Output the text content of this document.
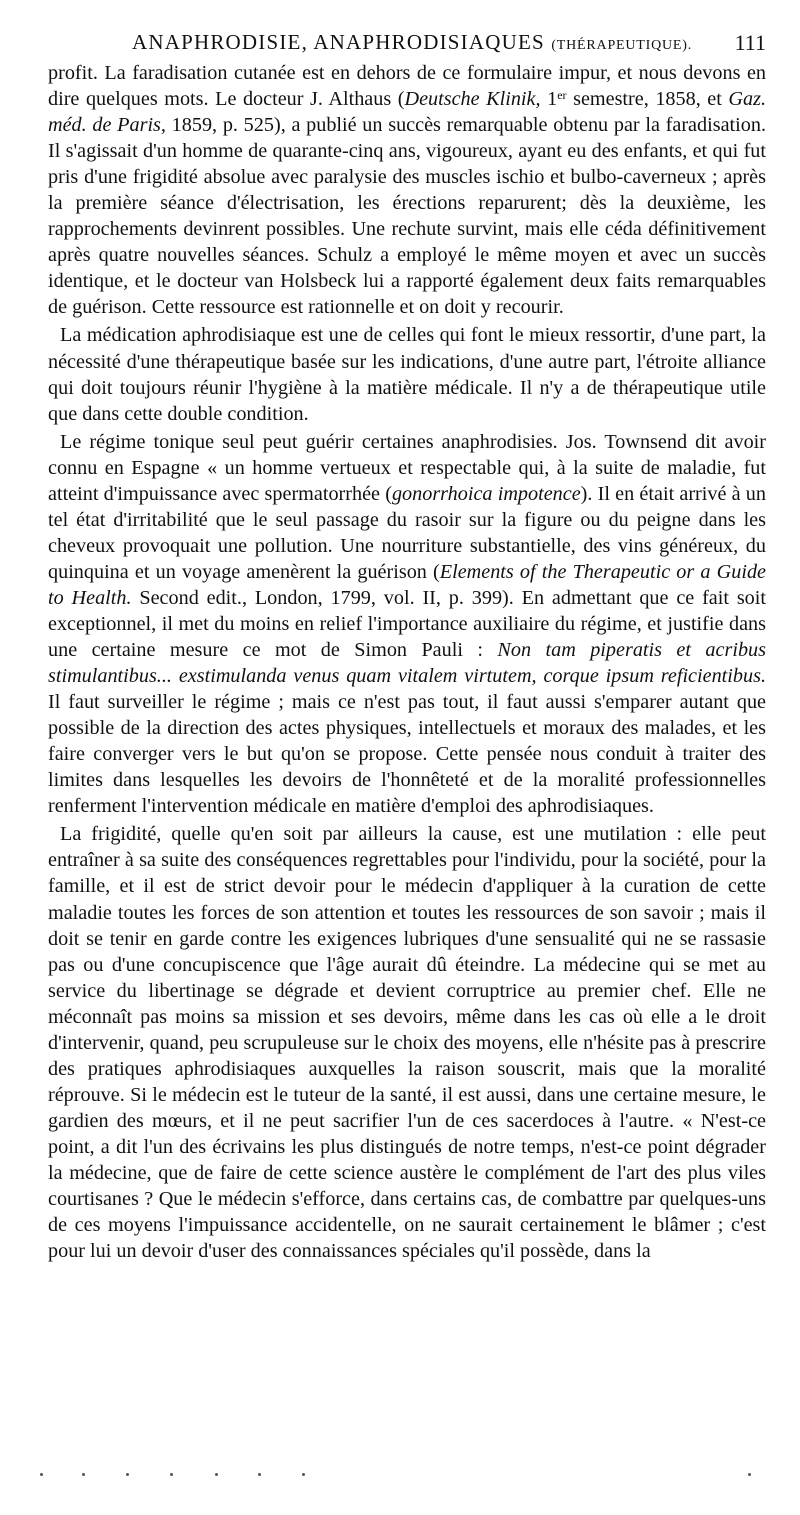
ANAPHRODISIE, ANAPHRODISIAQUES (THÉRAPEUTIQUE). 111

profit. La faradisation cutanée est en dehors de ce formulaire impur, et nous devons en dire quelques mots. Le docteur J. Althaus (Deutsche Klinik, 1er semestre, 1858, et Gaz. méd. de Paris, 1859, p. 525), a publié un succès remarquable obtenu par la faradisation. Il s'agissait d'un homme de quarante-cinq ans, vigoureux, ayant eu des enfants, et qui fut pris d'une frigidité absolue avec paralysie des muscles ischio et bulbo-caverneux ; après la première séance d'électrisation, les érections reparurent; dès la deuxième, les rapprochements devinrent possibles. Une rechute survint, mais elle céda définitivement après quatre nouvelles séances. Schulz a employé le même moyen et avec un succès identique, et le docteur van Holsbeck lui a rapporté également deux faits remarquables de guérison. Cette ressource est rationnelle et on doit y recourir.

La médication aphrodisiaque est une de celles qui font le mieux ressortir, d'une part, la nécessité d'une thérapeutique basée sur les indications, d'une autre part, l'étroite alliance qui doit toujours réunir l'hygiène à la matière médicale. Il n'y a de thérapeutique utile que dans cette double condition.

Le régime tonique seul peut guérir certaines anaphrodisies. Jos. Townsend dit avoir connu en Espagne « un homme vertueux et respectable qui, à la suite de maladie, fut atteint d'impuissance avec spermatorrhée (gonorrhoica impotence). Il en était arrivé à un tel état d'irritabilité que le seul passage du rasoir sur la figure ou du peigne dans les cheveux provoquait une pollution. Une nourriture substantielle, des vins généreux, du quinquina et un voyage amenèrent la guérison (Elements of the Therapeutic or a Guide to Health. Second edit., London, 1799, vol. II, p. 399). En admettant que ce fait soit exceptionnel, il met du moins en relief l'importance auxiliaire du régime, et justifie dans une certaine mesure ce mot de Simon Pauli : Non tam piperatis et acribus stimulantibus... exstimulanda venus quam vitalem virtutem, corque ipsum reficientibus. Il faut surveiller le régime ; mais ce n'est pas tout, il faut aussi s'emparer autant que possible de la direction des actes physiques, intellectuels et moraux des malades, et les faire converger vers le but qu'on se propose. Cette pensée nous conduit à traiter des limites dans lesquelles les devoirs de l'honnêteté et de la moralité professionnelles renferment l'intervention médicale en matière d'emploi des aphrodisiaques.

La frigidité, quelle qu'en soit par ailleurs la cause, est une mutilation : elle peut entraîner à sa suite des conséquences regrettables pour l'individu, pour la société, pour la famille, et il est de strict devoir pour le médecin d'appliquer à la curation de cette maladie toutes les forces de son attention et toutes les ressources de son savoir ; mais il doit se tenir en garde contre les exigences lubriques d'une sensualité qui ne se rassasie pas ou d'une concupiscence que l'âge aurait dû éteindre. La médecine qui se met au service du libertinage se dégrade et devient corruptrice au premier chef. Elle ne méconnaît pas moins sa mission et ses devoirs, même dans les cas où elle a le droit d'intervenir, quand, peu scrupuleuse sur le choix des moyens, elle n'hésite pas à prescrire des pratiques aphrodisiaques auxquelles la raison souscrit, mais que la moralité réprouve. Si le médecin est le tuteur de la santé, il est aussi, dans une certaine mesure, le gardien des mœurs, et il ne peut sacrifier l'un de ces sacerdoces à l'autre. « N'est-ce point, a dit l'un des écrivains les plus distingués de notre temps, n'est-ce point dégrader la médecine, que de faire de cette science austère le complément de l'art des plus viles courtisanes ? Que le médecin s'efforce, dans certains cas, de combattre par quelques-uns de ces moyens l'impuissance accidentelle, on ne saurait certainement le blâmer ; c'est pour lui un devoir d'user des connaissances spéciales qu'il possède, dans la
